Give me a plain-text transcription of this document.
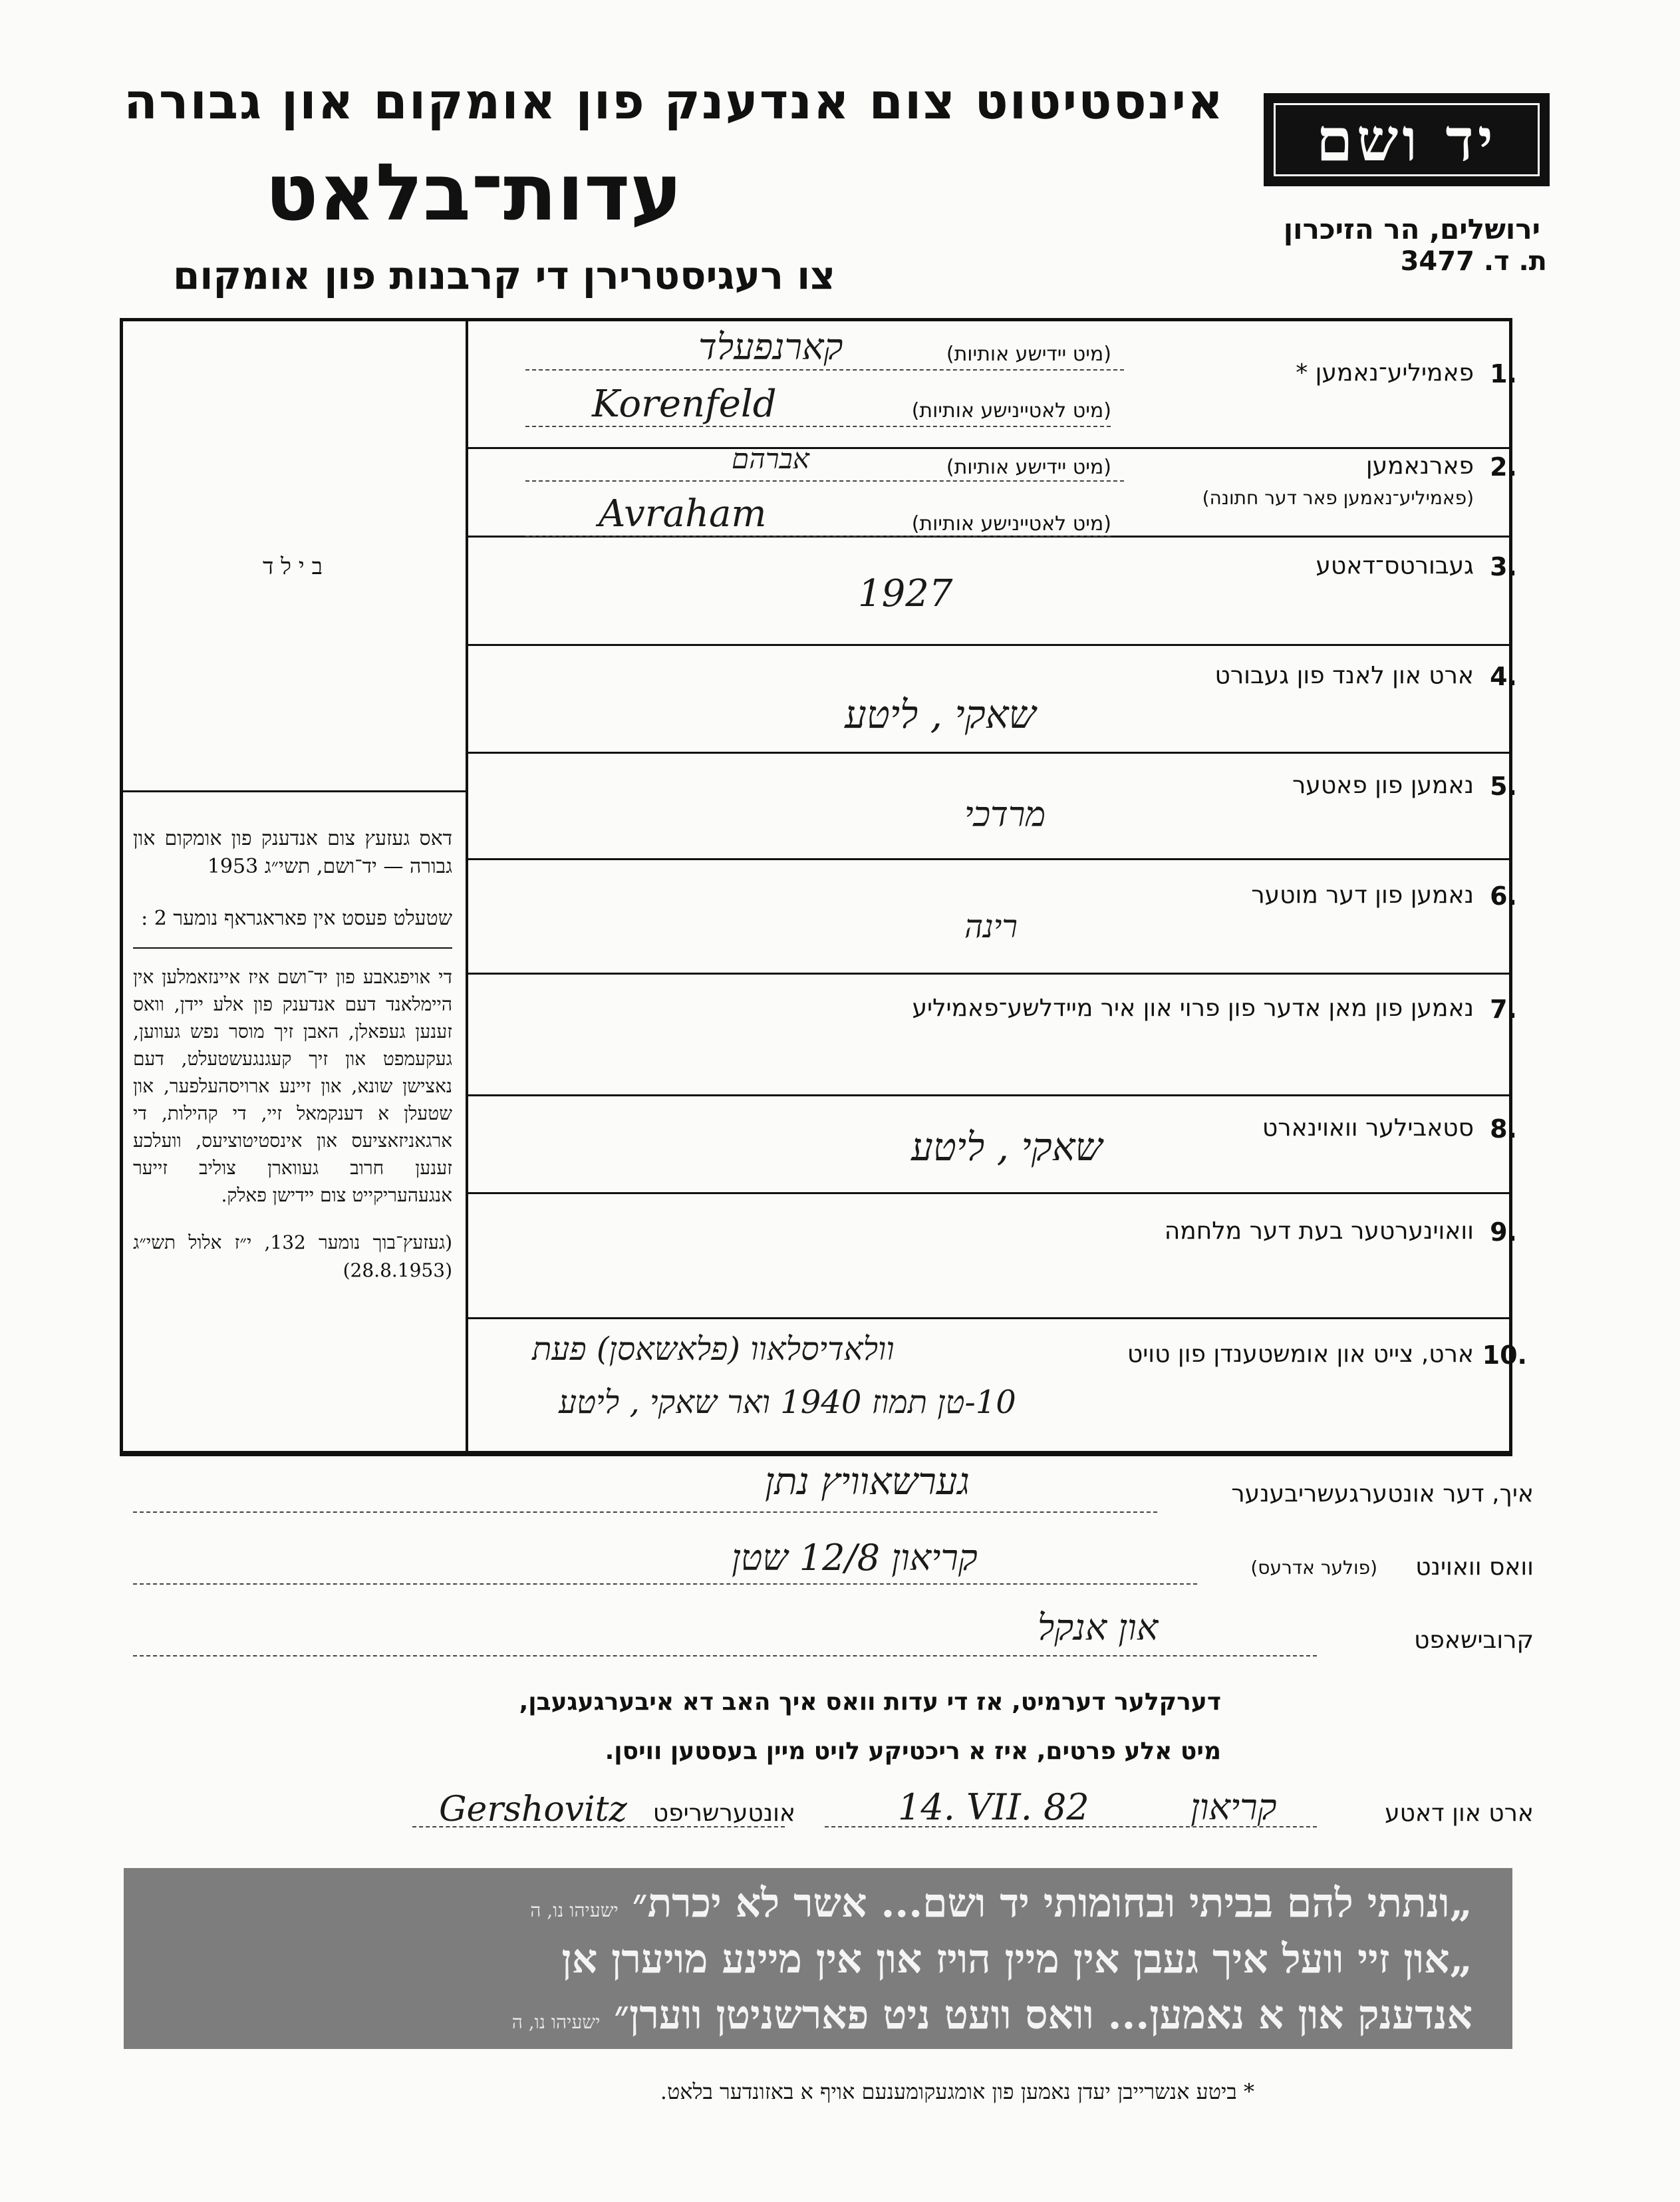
יד ושם
אינסטיטוט צום אנדענק פון אומקום און גבורה
עדות־בלאט
צו רעגיסטרירן די קרבנות פון אומקום
ירושלים, הר הזיכרון
ת. ד. 3477
ב י ל ד
דאס געזעץ צום אנדענק פון אומקום און גבורה — יד־ושם, תשי״ג 1953
שטעלט פעסט אין פאראגראף נומער 2 :
די אויפגאבע פון יד־ושם איז איינזאמלען אין היימלאנד דעם אנדענק פון אלע יידן, וואס זענען געפאלן, האבן זיך מוסר נפש געווען, געקעמפט און זיך קעגנגעשטעלט, דעם נאצישן שונא, און זיינע ארויסהעלפער, און שטעלן א דענקמאל זיי, די קהילות, די ארגאניזאציעס און אינסטיטוציעס, וועלכע זענען חרוב געווארן צוליב זייער אנגעהעריקייט צום יידישן פאלק.
(געזעץ־בוך נומער 132, י״ז אלול תשי״ג (28.8.1953)
1.
פאמיליע־נאמען *
(מיט יידישע אותיות)
(מיט לאטיינישע אותיות)
קארנפעלד
Korenfeld
2.
פארנאמען
(פאמיליע־נאמען פאר דער חתונה)
(מיט יידישע אותיות)
(מיט לאטיינישע אותיות)
אברהם
Avraham
3.
געבורטס־דאטע
1927
4.
ארט און לאנד פון געבורט
שאקי , ליטע
5.
נאמען פון פאטער
מרדכי
6.
נאמען פון דער מוטער
רינה
7.
נאמען פון מאן אדער פון פרוי און איר מיידלשע־פאמיליע
8.
סטאבילער וואוינארט
שאקי , ליטע
9.
וואוינערטער בעת דער מלחמה
10.
ארט, צייט און אומשטענדן פון טויט
וולאדיסלאוו (פלאשאסן) פעת
10-טן תמוז 1940 ואר שאקי , ליטע
איך, דער אונטערגעשריבענער
גערשאוויץ נתן
וואס וואוינט
(פולער אדרעס)
קריאון 12/8 שטן
קרובישאפט
און אנקל
דערקלער דערמיט, אז די עדות וואס איך האב דא איבערגעגעבן,
מיט אלע פרטים, איז א ריכטיקע לויט מיין בעסטען וויסן.
ארט און דאטע
קריאון
14. VII. 82
אונטערשריפט
Gershovitz
„ונתתי להם בביתי ובחומותי יד ושם... אשר לא יכרת״ ישעיהו נו, ה
„און זיי וועל איך געבן אין מיין הויז און אין מיינע מויערן אן
אנדענק און א נאמען... וואס וועט ניט פארשניטן ווערן״ ישעיהו נו, ה
* ביטע אנשרייבן יעדן נאמען פון אומגעקומענעם אויף א באזונדער בלאט.
